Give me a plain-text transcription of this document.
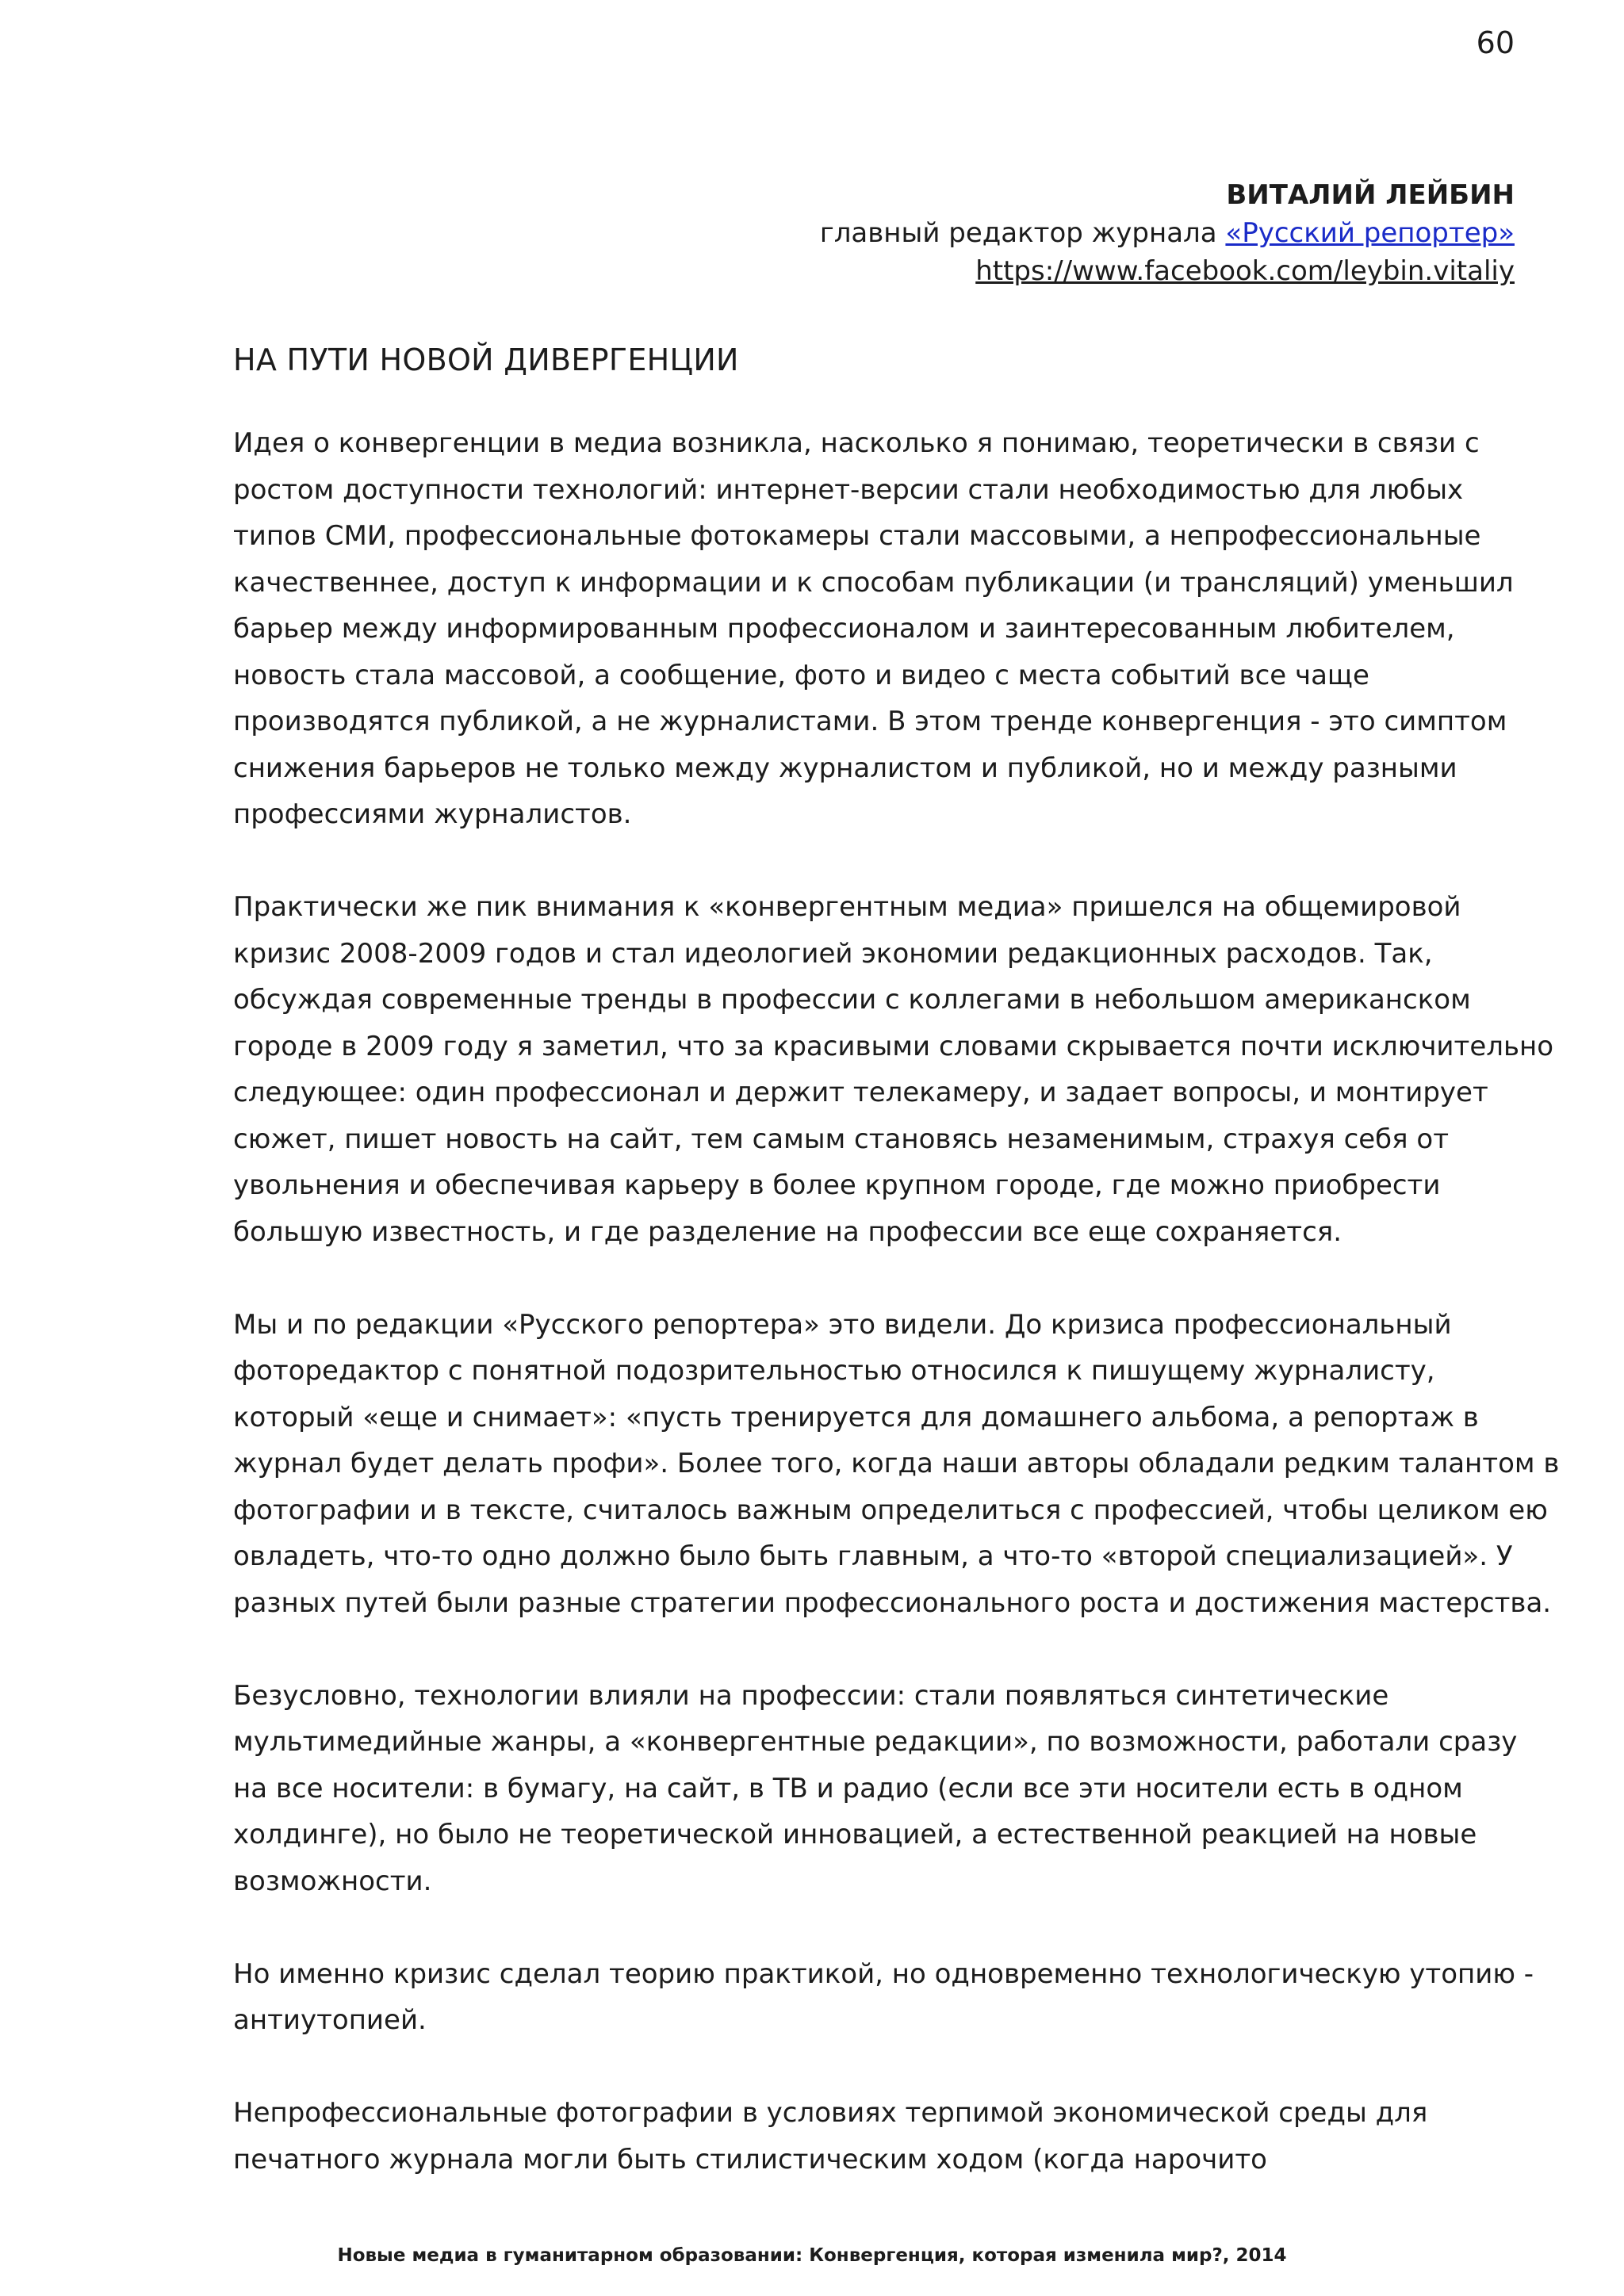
60
ВИТАЛИЙ ЛЕЙБИН
главный редактор журнала «Русский репортер»
https://www.facebook.com/leybin.vitaliy
НА ПУТИ НОВОЙ ДИВЕРГЕНЦИИ

Идея о конвергенции в медиа возникла, насколько я понимаю, теоретически в связи с
ростом доступности технологий: интернет-версии стали необходимостью для любых
типов СМИ, профессиональные фотокамеры стали массовыми, а непрофессиональные
качественнее, доступ к информации и к способам публикации (и трансляций) уменьшил
барьер между информированным профессионалом и заинтересованным любителем,
новость стала массовой, а сообщение, фото и видео с места событий все чаще
производятся публикой, а не журналистами. В этом тренде конвергенция - это симптом
снижения барьеров не только между журналистом и публикой, но и между разными
профессиями журналистов.

Практически же пик внимания к «конвергентным медиа» пришелся на общемировой
кризис 2008-2009 годов и стал идеологией экономии редакционных расходов. Так,
обсуждая современные тренды в профессии с коллегами в небольшом американском
городе в 2009 году я заметил, что за красивыми словами скрывается почти исключительно
следующее: один профессионал и держит телекамеру, и задает вопросы, и монтирует
сюжет, пишет новость на сайт, тем самым становясь незаменимым, страхуя себя от
увольнения и обеспечивая карьеру в более крупном городе, где можно приобрести
большую известность, и где разделение на профессии все еще сохраняется.

Мы и по редакции «Русского репортера» это видели. До кризиса профессиональный
фоторедактор с понятной подозрительностью относился к пишущему журналисту,
который «еще и снимает»: «пусть тренируется для домашнего альбома, а репортаж в
журнал будет делать профи». Более того, когда наши авторы обладали редким талантом в
фотографии и в тексте, считалось важным определиться с профессией, чтобы целиком ею
овладеть, что-то одно должно было быть главным, а что-то «второй специализацией». У
разных путей были разные стратегии профессионального роста и достижения мастерства.

Безусловно, технологии влияли на профессии: стали появляться синтетические
мультимедийные жанры, а «конвергентные редакции», по возможности, работали сразу
на все носители: в бумагу, на сайт, в ТВ и радио (если все эти носители есть в одном
холдинге), но было не теоретической инновацией, а естественной реакцией на новые
возможности.

Но именно кризис сделал теорию практикой, но одновременно технологическую утопию -
антиутопией.

Непрофессиональные фотографии в условиях терпимой экономической среды для
печатного журнала могли быть стилистическим ходом (когда нарочито

Новые медиа в гуманитарном образовании: Конвергенция, которая изменила мир?, 2014
